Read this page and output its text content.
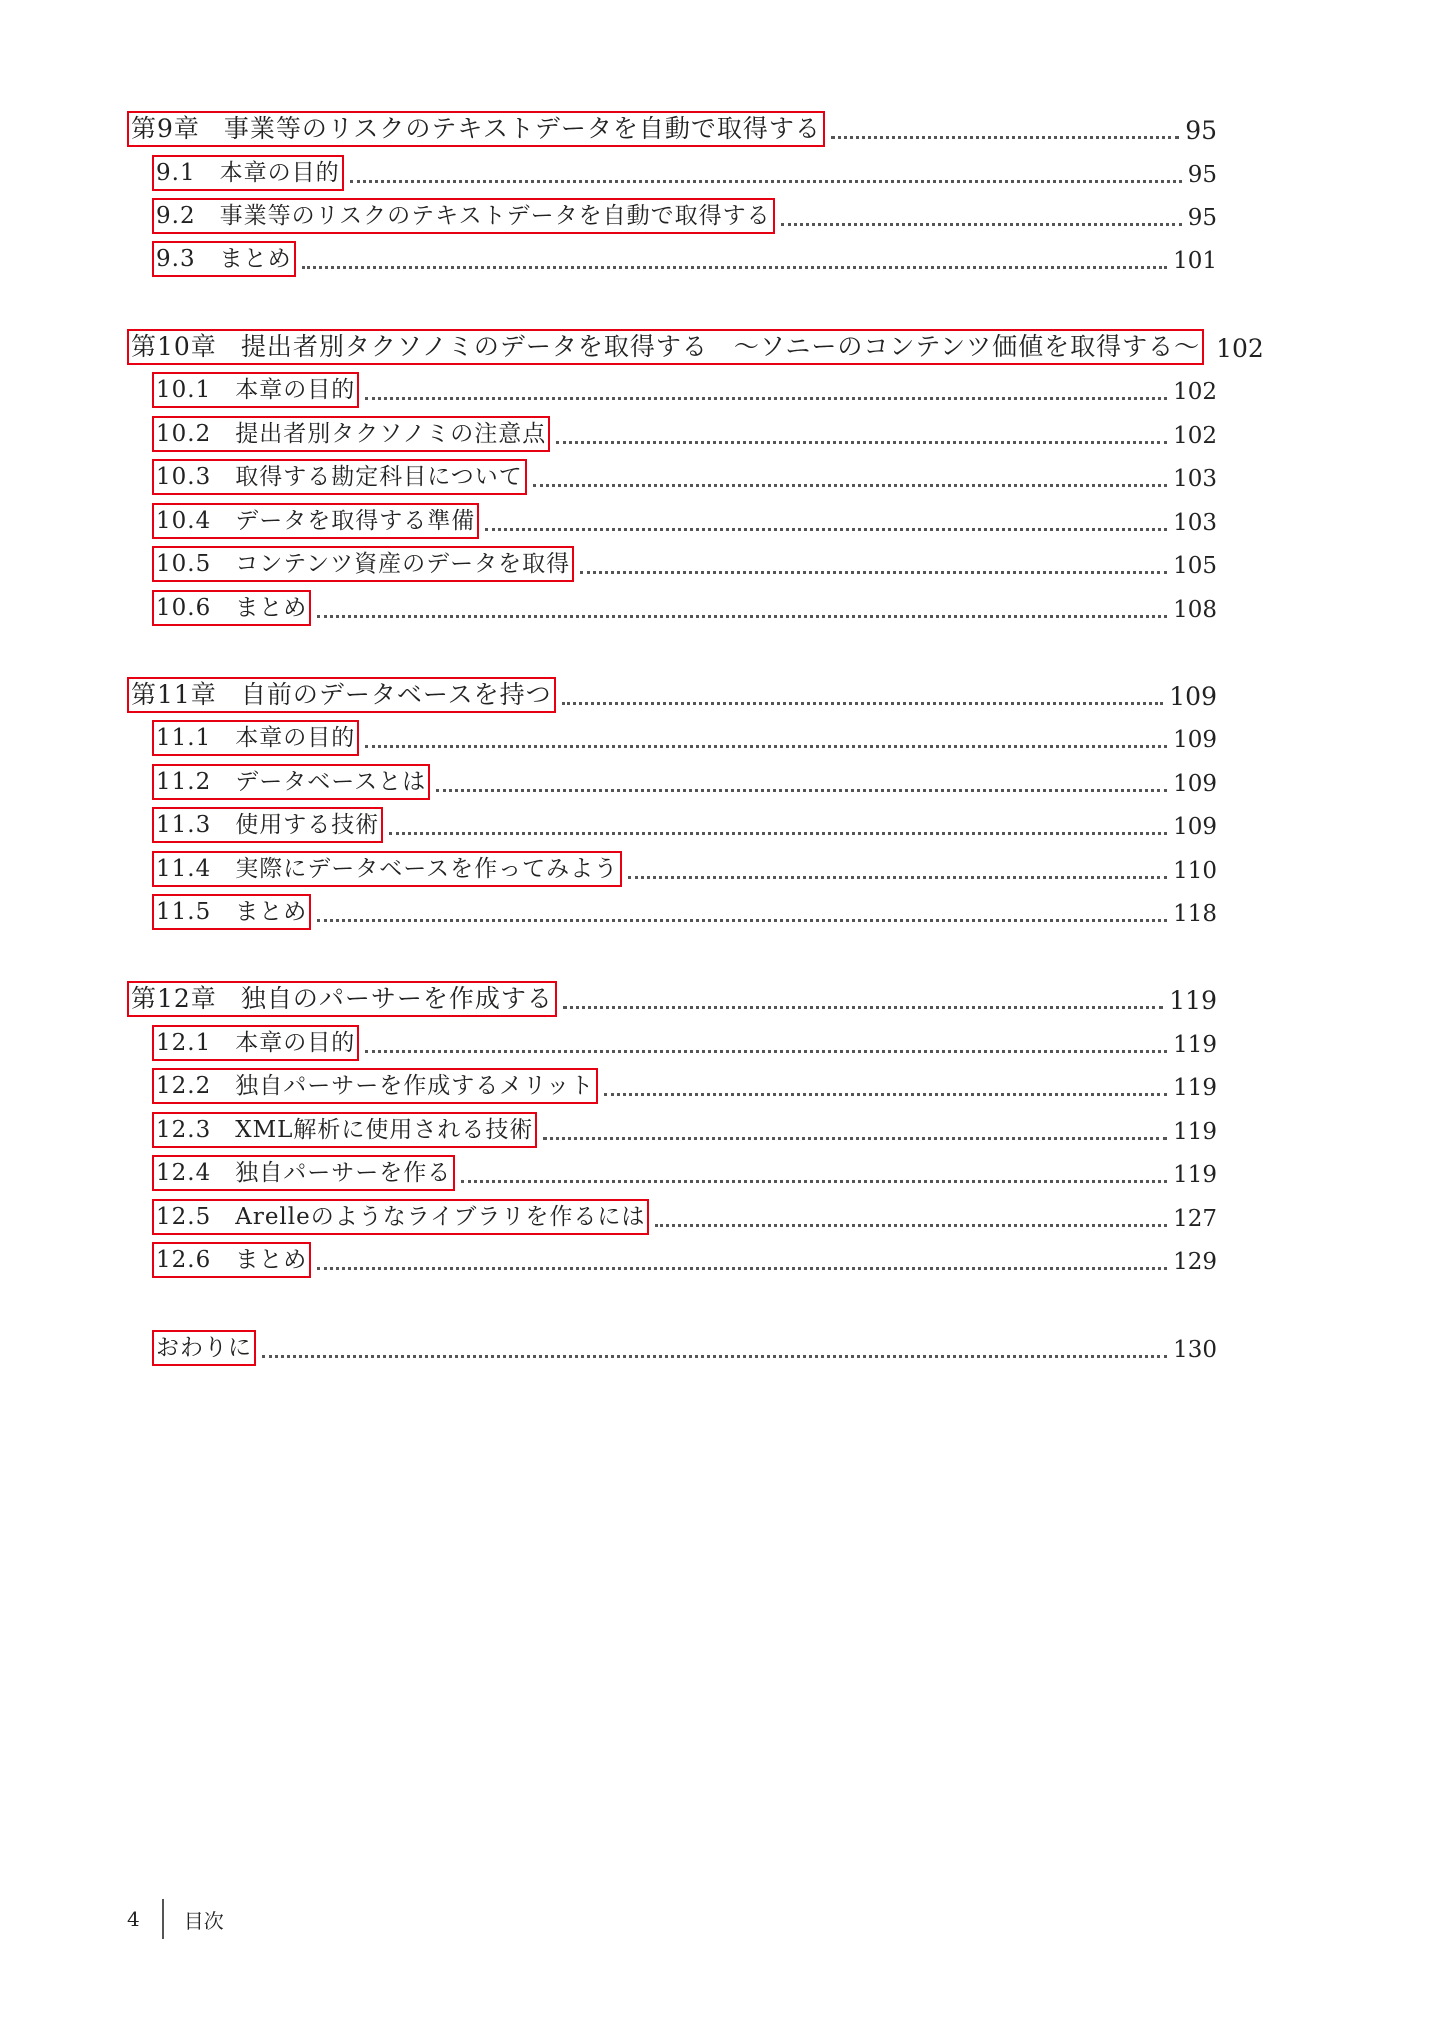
第9章 事業等のリスクのテキストデータを自動で取得する	95
9.1 本章の目的	95
9.2 事業等のリスクのテキストデータを自動で取得する	95
9.3 まとめ	101
第10章 提出者別タクソノミのデータを取得する　～ソニーのコンテンツ価値を取得する～ 102
10.1 本章の目的	102
10.2 提出者別タクソノミの注意点	102
10.3 取得する勘定科目について	103
10.4 データを取得する準備	103
10.5 コンテンツ資産のデータを取得	105
10.6 まとめ	108
第11章 自前のデータベースを持つ	109
11.1 本章の目的	109
11.2 データベースとは	109
11.3 使用する技術	109
11.4 実際にデータベースを作ってみよう	110
11.5 まとめ	118
第12章 独自のパーサーを作成する	119
12.1 本章の目的	119
12.2 独自パーサーを作成するメリット	119
12.3 XML解析に使用される技術	119
12.4 独自パーサーを作る	119
12.5 Arelleのようなライブラリを作るには	127
12.6 まとめ	129
おわりに	130
4 目次
